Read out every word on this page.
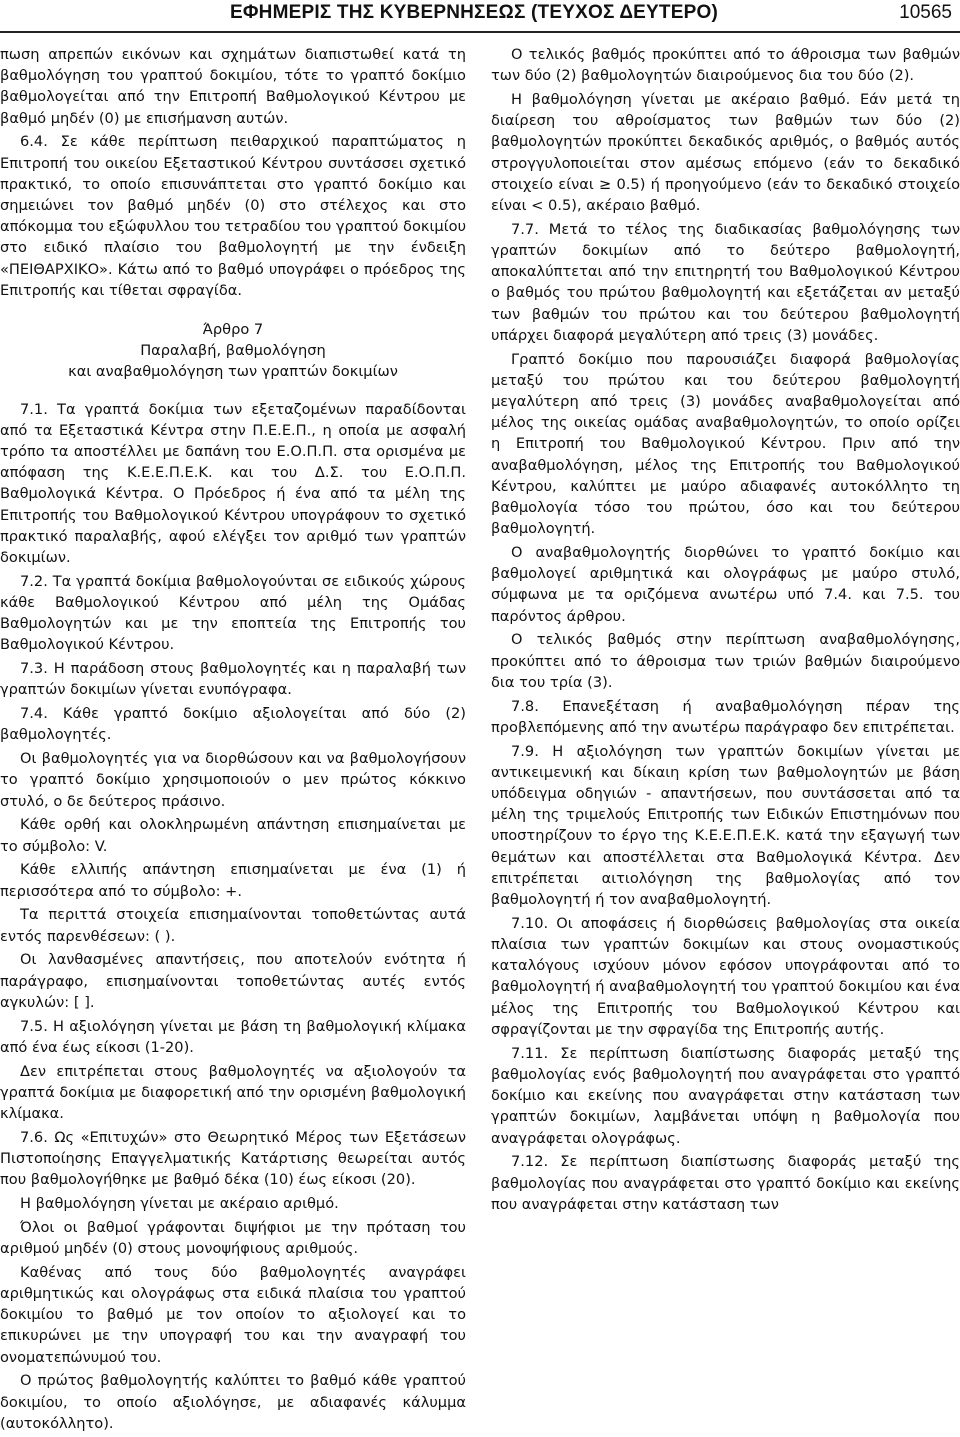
ΕΦΗΜΕΡΙΣ ΤΗΣ ΚΥΒΕΡΝΗΣΕΩΣ (ΤΕΥΧΟΣ ΔΕΥΤΕΡΟ)	10565

πωση απρεπών εικόνων και σχημάτων διαπιστωθεί κατά τη βαθμολόγηση του γραπτού δοκιμίου, τότε το γραπτό δοκίμιο βαθμολογείται από την Επιτροπή Βαθμολογικού Κέντρου με βαθμό μηδέν (0) με επισήμανση αυτών.

6.4. Σε κάθε περίπτωση πειθαρχικού παραπτώματος η Επιτροπή του οικείου Εξεταστικού Κέντρου συντάσσει σχετικό πρακτικό, το οποίο επισυνάπτεται στο γραπτό δοκίμιο και σημειώνει τον βαθμό μηδέν (0) στο στέλεχος και στο απόκομμα του εξώφυλλου του τετραδίου του γραπτού δοκιμίου στο ειδικό πλαίσιο του βαθμολογητή με την ένδειξη «ΠΕΙΘΑΡΧΙΚΟ». Κάτω από το βαθμό υπογράφει ο πρόεδρος της Επιτροπής και τίθεται σφραγίδα.

Άρθρο 7

Παραλαβή, βαθμολόγηση

και αναβαθμολόγηση των γραπτών δοκιμίων

7.1. Τα γραπτά δοκίμια των εξεταζομένων παραδίδονται από τα Εξεταστικά Κέντρα στην Π.Ε.Ε.Π., η οποία με ασφαλή τρόπο τα αποστέλλει με δαπάνη του Ε.Ο.Π.Π. στα ορισμένα με απόφαση της Κ.Ε.Ε.Π.Ε.Κ. και του Δ.Σ. του Ε.Ο.Π.Π. Βαθμολογικά Κέντρα. Ο Πρόεδρος ή ένα από τα μέλη της Επιτροπής του Βαθμολογικού Κέντρου υπογράφουν το σχετικό πρακτικό παραλαβής, αφού ελέγξει τον αριθμό των γραπτών δοκιμίων.

7.2. Τα γραπτά δοκίμια βαθμολογούνται σε ειδικούς χώρους κάθε Βαθμολογικού Κέντρου από μέλη της Ομάδας Βαθμολογητών και με την εποπτεία της Επιτροπής του Βαθμολογικού Κέντρου.

7.3. Η παράδοση στους βαθμολογητές και η παραλαβή των γραπτών δοκιμίων γίνεται ενυπόγραφα.

7.4. Κάθε γραπτό δοκίμιο αξιολογείται από δύο (2) βαθμολογητές.

Οι βαθμολογητές για να διορθώσουν και να βαθμολογήσουν το γραπτό δοκίμιο χρησιμοποιούν ο μεν πρώτος κόκκινο στυλό, ο δε δεύτερος πράσινο.

Κάθε ορθή και ολοκληρωμένη απάντηση επισημαίνεται με το σύμβολο: V.

Κάθε ελλιπής απάντηση επισημαίνεται με ένα (1) ή περισσότερα από το σύμβολο: +.

Τα περιττά στοιχεία επισημαίνονται τοποθετώντας αυτά εντός παρενθέσεων: ( ).

Οι λανθασμένες απαντήσεις, που αποτελούν ενότητα ή παράγραφο, επισημαίνονται τοποθετώντας αυτές εντός αγκυλών: [ ].

7.5. Η αξιολόγηση γίνεται με βάση τη βαθμολογική κλίμακα από ένα έως είκοσι (1-20).

Δεν επιτρέπεται στους βαθμολογητές να αξιολογούν τα γραπτά δοκίμια με διαφορετική από την ορισμένη βαθμολογική κλίμακα.

7.6. Ως «Επιτυχών» στο Θεωρητικό Μέρος των Εξετάσεων Πιστοποίησης Επαγγελματικής Κατάρτισης θεωρείται αυτός που βαθμολογήθηκε με βαθμό δέκα (10) έως είκοσι (20).

Η βαθμολόγηση γίνεται με ακέραιο αριθμό.

Όλοι οι βαθμοί γράφονται διψήφιοι με την πρόταση του αριθμού μηδέν (0) στους μονοψήφιους αριθμούς.

Καθένας από τους δύο βαθμολογητές αναγράφει αριθμητικώς και ολογράφως στα ειδικά πλαίσια του γραπτού δοκιμίου το βαθμό με τον οποίον το αξιολογεί και το επικυρώνει με την υπογραφή του και την αναγραφή του ονοματεπώνυμού του.

Ο πρώτος βαθμολογητής καλύπτει το βαθμό κάθε γραπτού δοκιμίου, το οποίο αξιολόγησε, με αδιαφανές κάλυμμα (αυτοκόλλητο).

Ο τελικός βαθμός προκύπτει από το άθροισμα των βαθμών των δύο (2) βαθμολογητών διαιρούμενος δια του δύο (2).

Η βαθμολόγηση γίνεται με ακέραιο βαθμό. Εάν μετά τη διαίρεση του αθροίσματος των βαθμών των δύο (2) βαθμολογητών προκύπτει δεκαδικός αριθμός, ο βαθμός αυτός στρογγυλοποιείται στον αμέσως επόμενο (εάν το δεκαδικό στοιχείο είναι ≥ 0.5) ή προηγούμενο (εάν το δεκαδικό στοιχείο είναι < 0.5), ακέραιο βαθμό.

7.7. Μετά το τέλος της διαδικασίας βαθμολόγησης των γραπτών δοκιμίων από το δεύτερο βαθμολογητή, αποκαλύπτεται από την επιτηρητή του Βαθμολογικού Κέντρου ο βαθμός του πρώτου βαθμολογητή και εξετάζεται αν μεταξύ των βαθμών του πρώτου και του δεύτερου βαθμολογητή υπάρχει διαφορά μεγαλύτερη από τρεις (3) μονάδες.

Γραπτό δοκίμιο που παρουσιάζει διαφορά βαθμολογίας μεταξύ του πρώτου και του δεύτερου βαθμολογητή μεγαλύτερη από τρεις (3) μονάδες αναβαθμολογείται από μέλος της οικείας ομάδας αναβαθμολογητών, το οποίο ορίζει η Επιτροπή του Βαθμολογικού Κέντρου. Πριν από την αναβαθμολόγηση, μέλος της Επιτροπής του Βαθμολογικού Κέντρου, καλύπτει με μαύρο αδιαφανές αυτοκόλλητο τη βαθμολογία τόσο του πρώτου, όσο και του δεύτερου βαθμολογητή.

Ο αναβαθμολογητής διορθώνει το γραπτό δοκίμιο και βαθμολογεί αριθμητικά και ολογράφως με μαύρο στυλό, σύμφωνα με τα οριζόμενα ανωτέρω υπό 7.4. και 7.5. του παρόντος άρθρου.

Ο τελικός βαθμός στην περίπτωση αναβαθμολόγησης, προκύπτει από το άθροισμα των τριών βαθμών διαιρούμενο δια του τρία (3).

7.8. Επανεξέταση ή αναβαθμολόγηση πέραν της προβλεπόμενης από την ανωτέρω παράγραφο δεν επιτρέπεται.

7.9. Η αξιολόγηση των γραπτών δοκιμίων γίνεται με αντικειμενική και δίκαιη κρίση των βαθμολογητών με βάση υπόδειγμα οδηγιών - απαντήσεων, που συντάσσεται από τα μέλη της τριμελούς Επιτροπής των Ειδικών Επιστημόνων που υποστηρίζουν το έργο της Κ.Ε.Ε.Π.Ε.Κ. κατά την εξαγωγή των θεμάτων και αποστέλλεται στα Βαθμολογικά Κέντρα. Δεν επιτρέπεται αιτιολόγηση της βαθμολογίας από τον βαθμολογητή ή τον αναβαθμολογητή.

7.10. Οι αποφάσεις ή διορθώσεις βαθμολογίας στα οικεία πλαίσια των γραπτών δοκιμίων και στους ονομαστικούς καταλόγους ισχύουν μόνον εφόσον υπογράφονται από το βαθμολογητή ή αναβαθμολογητή του γραπτού δοκιμίου και ένα μέλος της Επιτροπής του Βαθμολογικού Κέντρου και σφραγίζονται με την σφραγίδα της Επιτροπής αυτής.

7.11. Σε περίπτωση διαπίστωσης διαφοράς μεταξύ της βαθμολογίας ενός βαθμολογητή που αναγράφεται στο γραπτό δοκίμιο και εκείνης που αναγράφεται στην κατάσταση των γραπτών δοκιμίων, λαμβάνεται υπόψη η βαθμολογία που αναγράφεται ολογράφως.

7.12. Σε περίπτωση διαπίστωσης διαφοράς μεταξύ της βαθμολογίας που αναγράφεται στο γραπτό δοκίμιο και εκείνης που αναγράφεται στην κατάσταση των
